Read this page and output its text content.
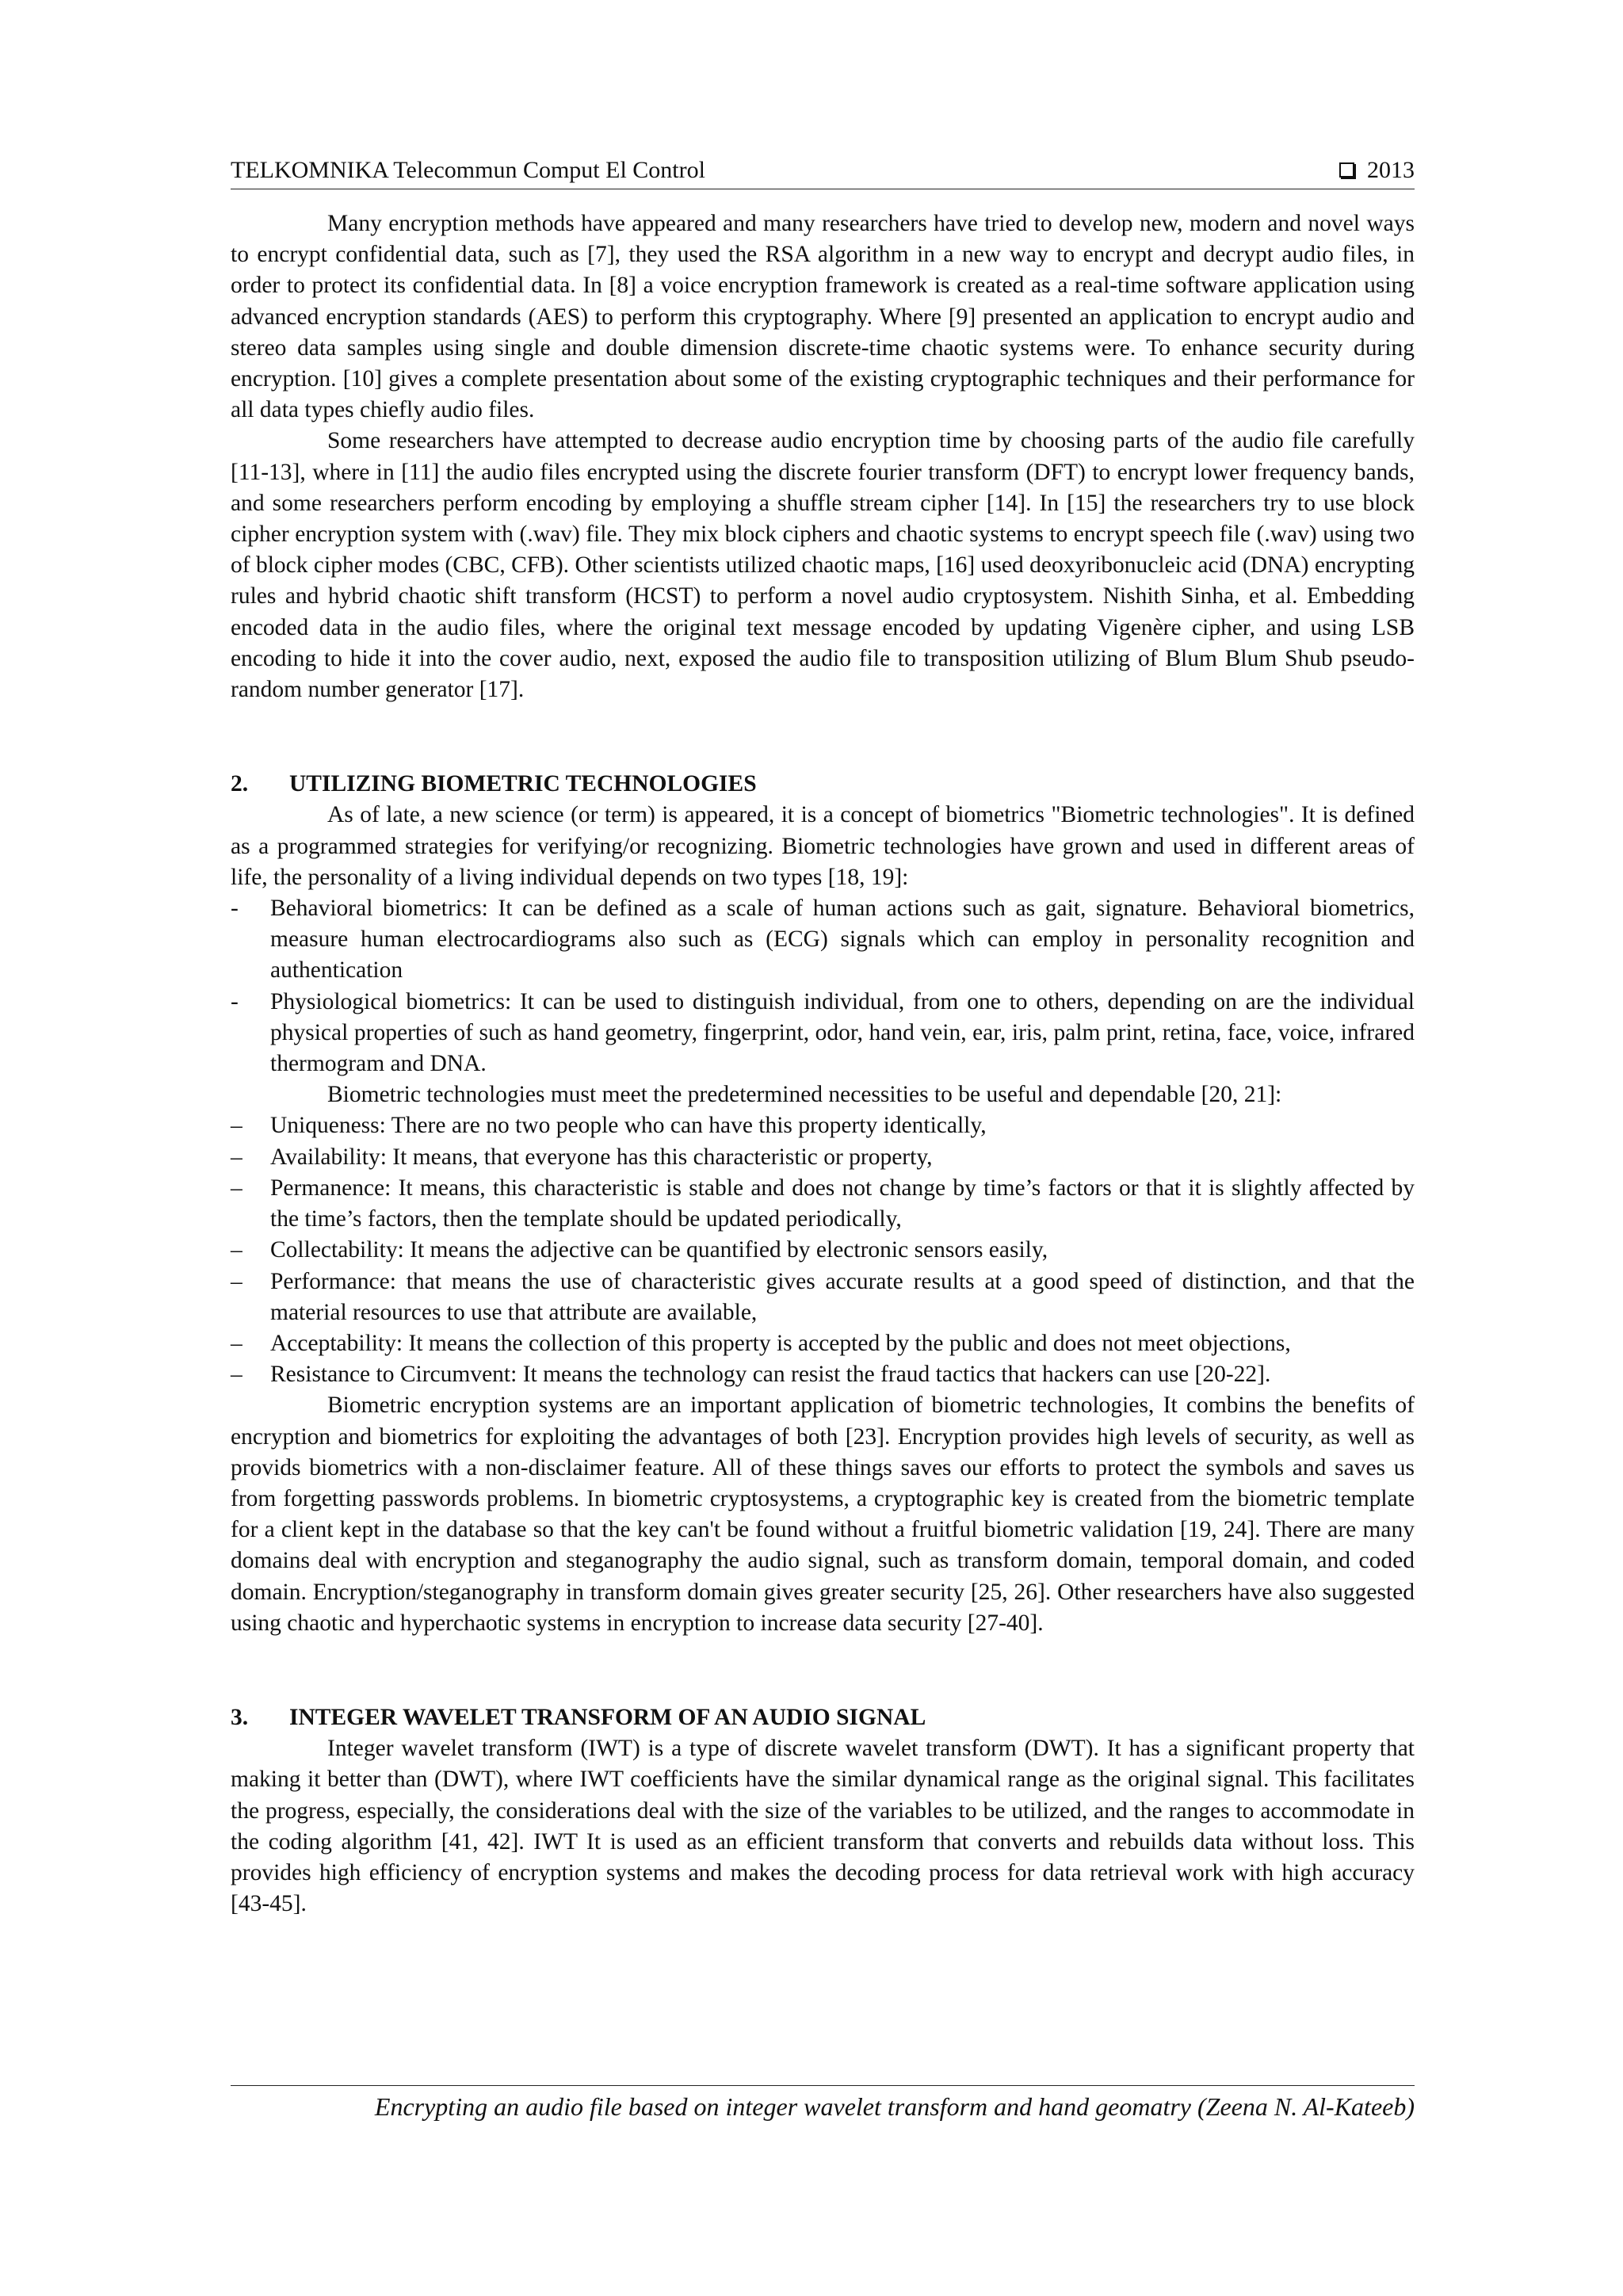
TELKOMNIKA Telecommun Comput El Control	2013

Many encryption methods have appeared and many researchers have tried to develop new, modern and novel ways to encrypt confidential data, such as [7], they used the RSA algorithm in a new way to encrypt and decrypt audio files, in order to protect its confidential data. In [8] a voice encryption framework is created as a real-time software application using advanced encryption standards (AES) to perform this cryptography. Where [9] presented an application to encrypt audio and stereo data samples using single and double dimension discrete-time chaotic systems were. To enhance security during encryption. [10] gives a complete presentation about some of the existing cryptographic techniques and their performance for all data types chiefly audio files.

Some researchers have attempted to decrease audio encryption time by choosing parts of the audio file carefully [11-13], where in [11] the audio files encrypted using the discrete fourier transform (DFT) to encrypt lower frequency bands, and some researchers perform encoding by employing a shuffle stream cipher [14]. In [15] the researchers try to use block cipher encryption system with (.wav) file. They mix block ciphers and chaotic systems to encrypt speech file (.wav) using two of block cipher modes (CBC, CFB). Other scientists utilized chaotic maps, [16] used deoxyribonucleic acid (DNA) encrypting rules and hybrid chaotic shift transform (HCST) to perform a novel audio cryptosystem. Nishith Sinha, et al. Embedding encoded data in the audio files, where the original text message encoded by updating Vigenère cipher, and using LSB encoding to hide it into the cover audio, next, exposed the audio file to transposition utilizing of Blum Blum Shub pseudo-random number generator [17].

2.	UTILIZING BIOMETRIC TECHNOLOGIES

As of late, a new science (or term) is appeared, it is a concept of biometrics "Biometric technologies". It is defined as a programmed strategies for verifying/or recognizing. Biometric technologies have grown and used in different areas of life, the personality of a living individual depends on two types [18, 19]:

-	Behavioral biometrics: It can be defined as a scale of human actions such as gait, signature. Behavioral biometrics, measure human electrocardiograms also such as (ECG) signals which can employ in personality recognition and authentication
-	Physiological biometrics: It can be used to distinguish individual, from one to others, depending on are the individual physical properties of such as hand geometry, fingerprint, odor, hand vein, ear, iris, palm print, retina, face, voice, infrared thermogram and DNA.

Biometric technologies must meet the predetermined necessities to be useful and dependable [20, 21]:

–	Uniqueness: There are no two people who can have this property identically,
–	Availability: It means, that everyone has this characteristic or property,
–	Permanence: It means, this characteristic is stable and does not change by time’s factors or that it is slightly affected by the time’s factors, then the template should be updated periodically,
–	Collectability: It means the adjective can be quantified by electronic sensors easily,
–	Performance: that means the use of characteristic gives accurate results at a good speed of distinction, and that the material resources to use that attribute are available,
–	Acceptability: It means the collection of this property is accepted by the public and does not meet objections,
–	Resistance to Circumvent: It means the technology can resist the fraud tactics that hackers can use [20-22].

Biometric encryption systems are an important application of biometric technologies, It combins the benefits of encryption and biometrics for exploiting the advantages of both [23]. Encryption provides high levels of security, as well as provids biometrics with a non-disclaimer feature. All of these things saves our efforts to protect the symbols and saves us from forgetting passwords problems. In biometric cryptosystems, a cryptographic key is created from the biometric template for a client kept in the database so that the key can't be found without a fruitful biometric validation [19, 24]. There are many domains deal with encryption and steganography the audio signal, such as transform domain, temporal domain, and coded domain. Encryption/steganography in transform domain gives greater security [25, 26]. Other researchers have also suggested using chaotic and hyperchaotic systems in encryption to increase data security [27-40].

3.	INTEGER WAVELET TRANSFORM OF AN AUDIO SIGNAL

Integer wavelet transform (IWT) is a type of discrete wavelet transform (DWT). It has a significant property that making it better than (DWT), where IWT coefficients have the similar dynamical range as the original signal. This facilitates the progress, especially, the considerations deal with the size of the variables to be utilized, and the ranges to accommodate in the coding algorithm [41, 42]. IWT It is used as an efficient transform that converts and rebuilds data without loss. This provides high efficiency of encryption systems and makes the decoding process for data retrieval work with high accuracy [43-45].

Encrypting an audio file based on integer wavelet transform and hand geomatry (Zeena N. Al-Kateeb)
